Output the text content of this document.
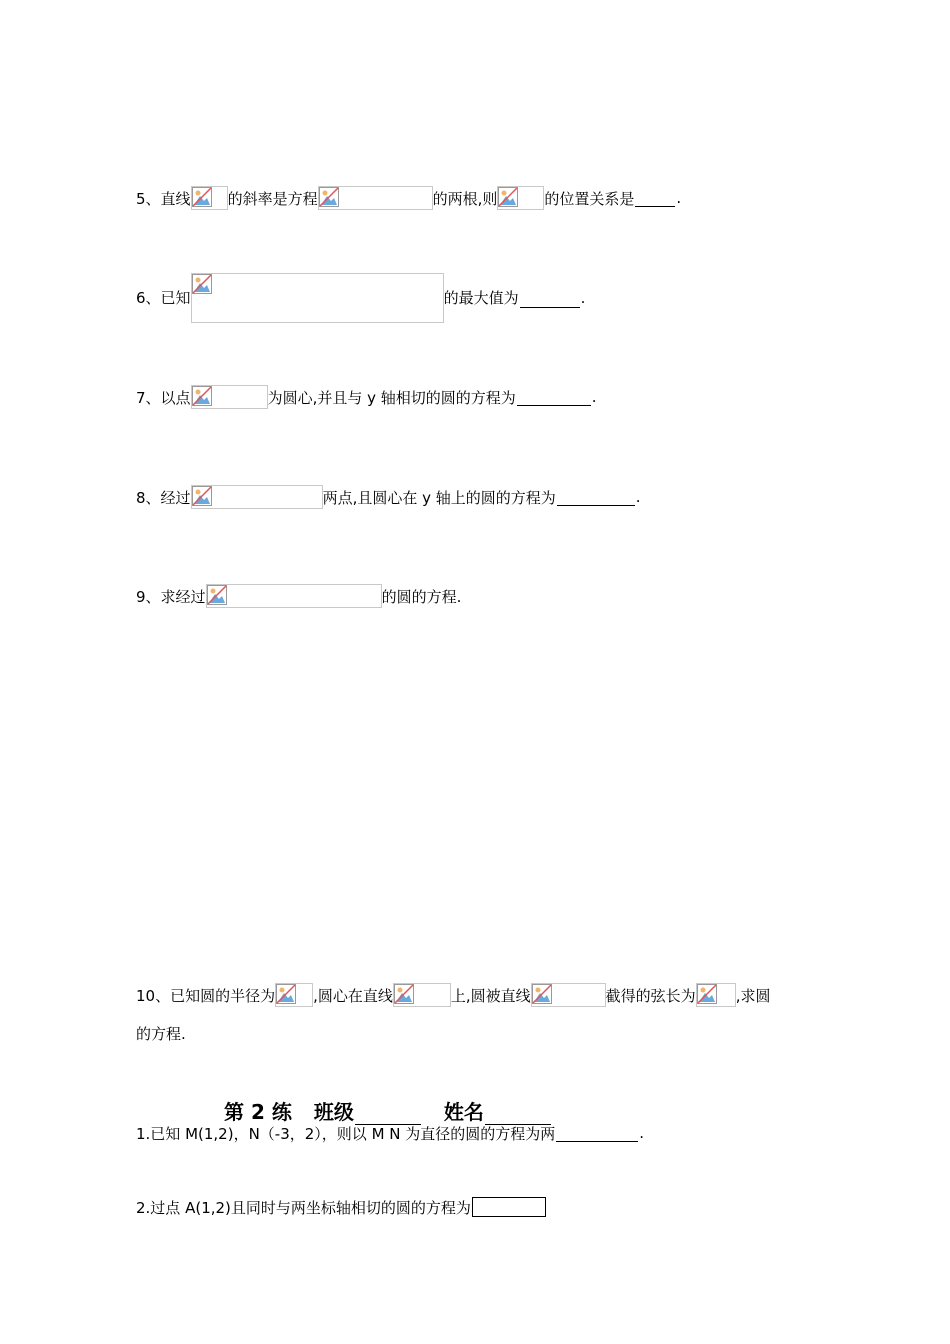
5、 直线 的斜率是方程	的两根,则	的位置关系是	.
6、 已知	的最大值为	.
7、 以点	为圆心,并且与 y 轴相切的圆的方程为	.
8、 经过	两点,且圆心在 y 轴上的圆的方程为	.
9、 求经过	的圆的方程.
10、 已知圆的半径为	,圆心在直线	上,圆被直线	截得的弦长为	,求圆
的方程.
第 2 练 班级	姓名
1.已知 M(1,2)，N（-3，2），则以 M N 为直径的圆的方程为两	.
2.过点 A(1,2)且同时与两坐标轴相切的圆的方程为
